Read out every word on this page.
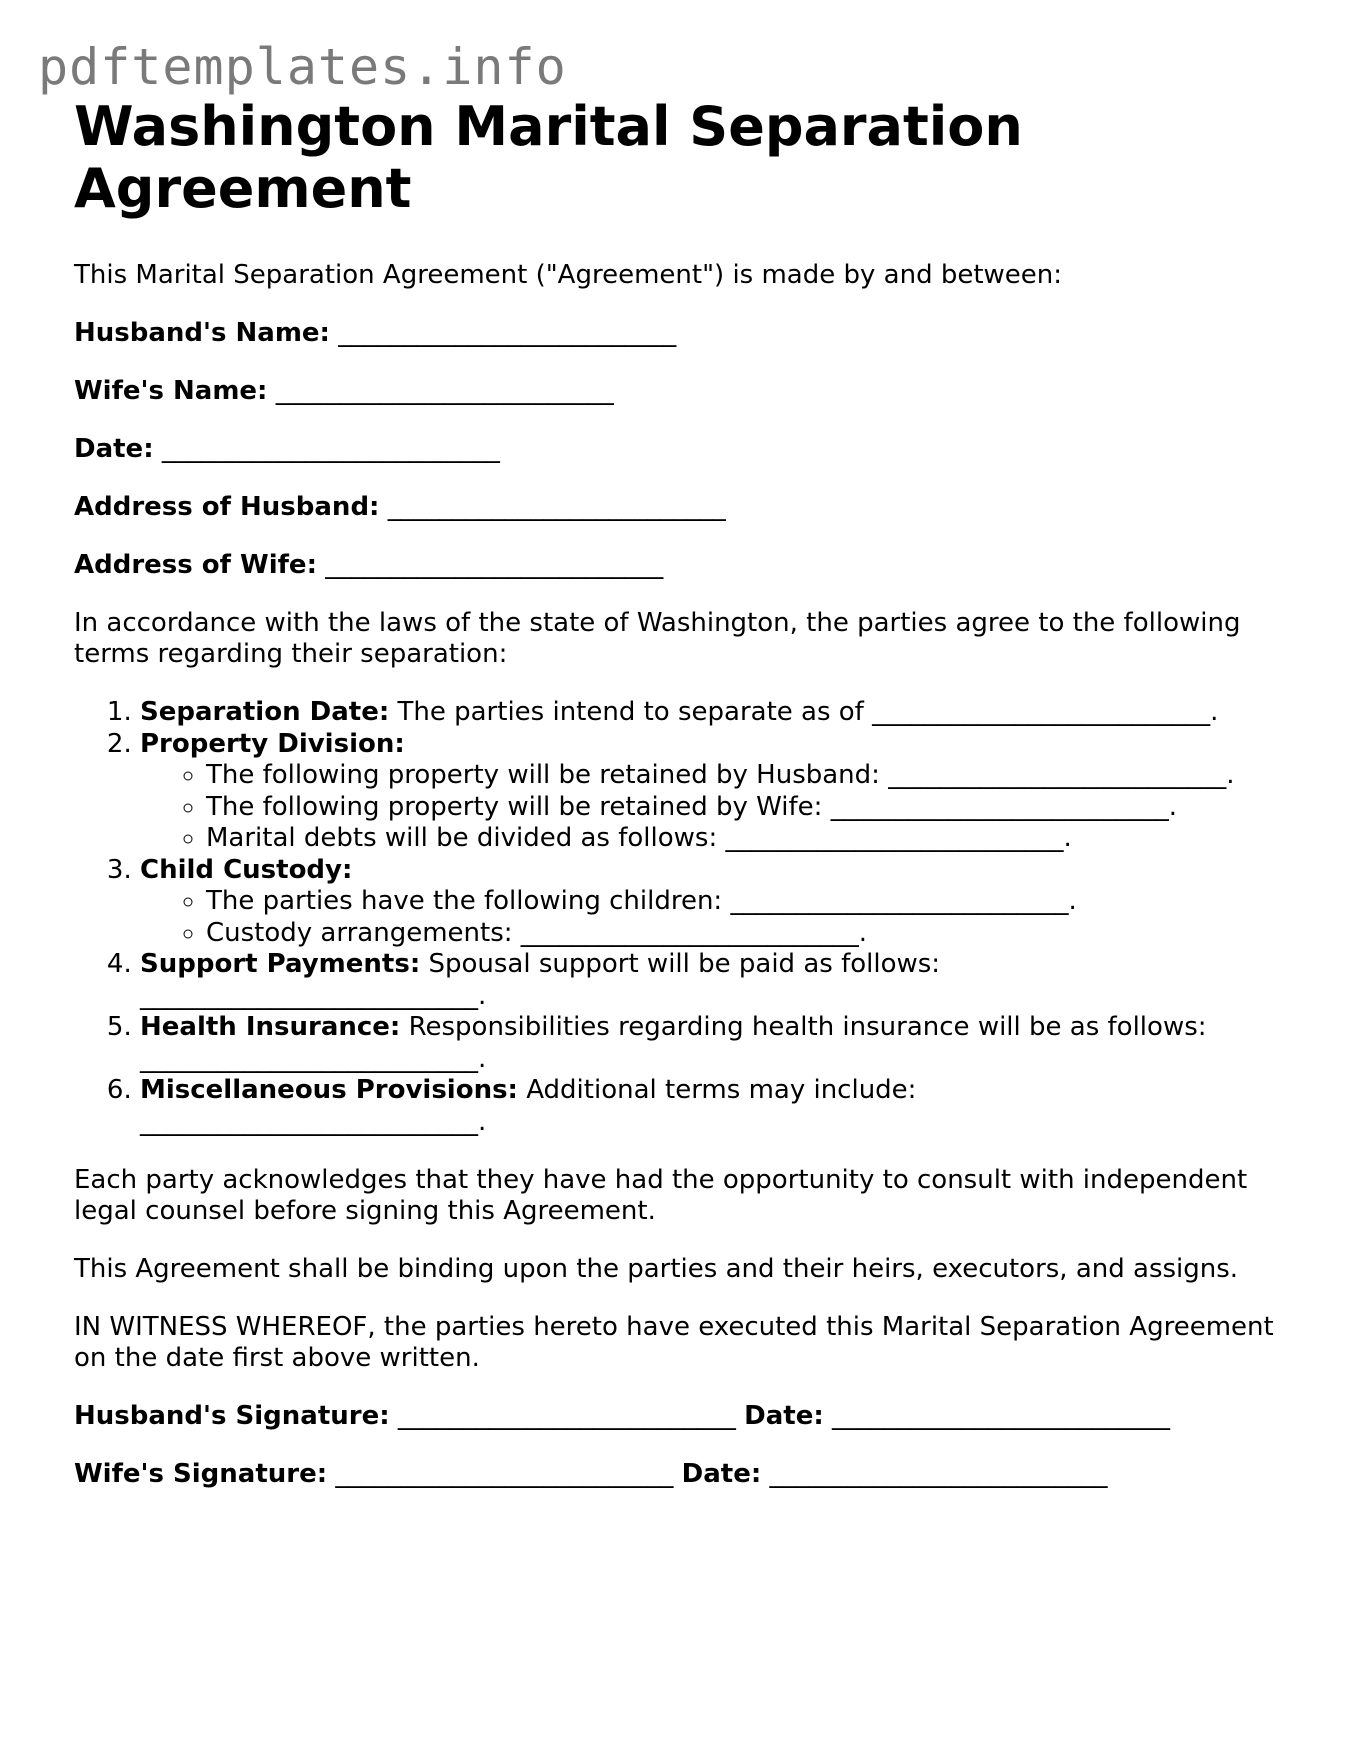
pdftemplates.info
Washington Marital Separation Agreement

This Marital Separation Agreement ("Agreement") is made by and between:

Husband's Name: __________________________

Wife's Name: __________________________

Date: __________________________

Address of Husband: __________________________

Address of Wife: __________________________

In accordance with the laws of the state of Washington, the parties agree to the following terms regarding their separation:

1. Separation Date: The parties intend to separate as of __________________________.
2. Property Division:
◦ The following property will be retained by Husband: __________________________.
◦ The following property will be retained by Wife: __________________________.
◦ Marital debts will be divided as follows: __________________________.
3. Child Custody:
◦ The parties have the following children: __________________________.
◦ Custody arrangements: __________________________.
4. Support Payments: Spousal support will be paid as follows:
__________________________.
5. Health Insurance: Responsibilities regarding health insurance will be as follows:
__________________________.
6. Miscellaneous Provisions: Additional terms may include:
__________________________.

Each party acknowledges that they have had the opportunity to consult with independent legal counsel before signing this Agreement.

This Agreement shall be binding upon the parties and their heirs, executors, and assigns.

IN WITNESS WHEREOF, the parties hereto have executed this Marital Separation Agreement on the date first above written.

Husband's Signature: __________________________ Date: __________________________

Wife's Signature: __________________________ Date: __________________________
